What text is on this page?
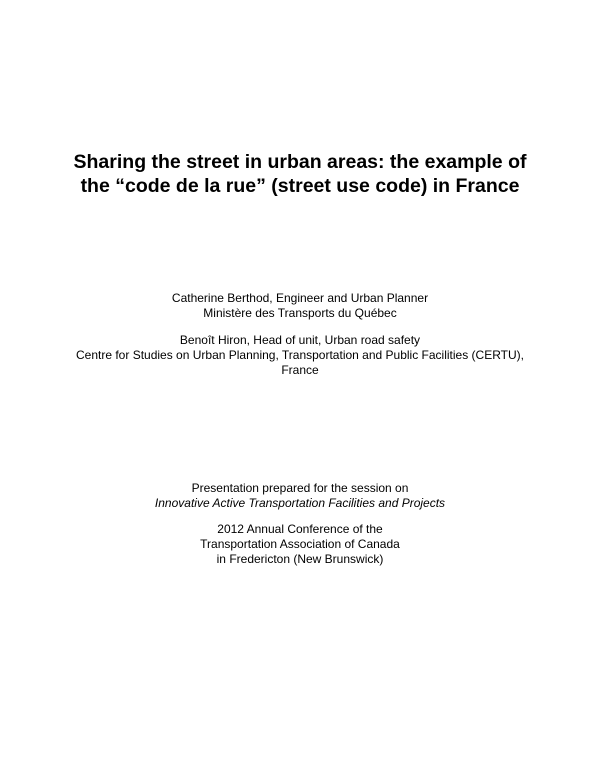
Sharing the street in urban areas: the example of
the “code de la rue” (street use code) in France
Catherine Berthod, Engineer and Urban Planner
Ministère des Transports du Québec
Benoît Hiron, Head of unit, Urban road safety
Centre for Studies on Urban Planning, Transportation and Public Facilities (CERTU),
France
Presentation prepared for the session on
Innovative Active Transportation Facilities and Projects
2012 Annual Conference of the
Transportation Association of Canada
in Fredericton (New Brunswick)
